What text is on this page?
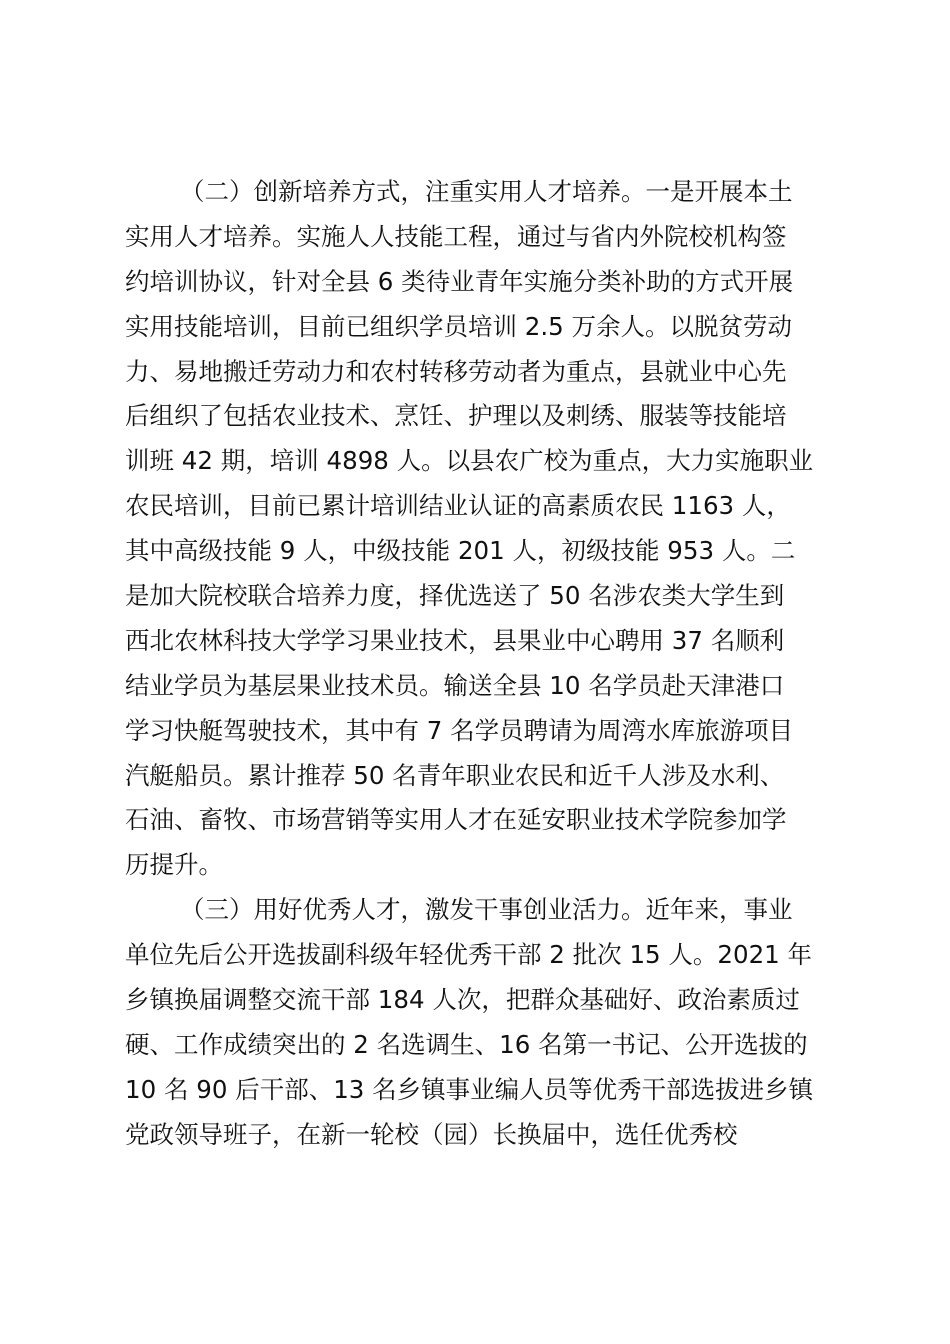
（二）创新培养方式，注重实用人才培养。一是开展本土
实用人才培养。实施人人技能工程，通过与省内外院校机构签
约培训协议，针对全县 6 类待业青年实施分类补助的方式开展
实用技能培训，目前已组织学员培训 2.5 万余人。以脱贫劳动
力、易地搬迁劳动力和农村转移劳动者为重点，县就业中心先
后组织了包括农业技术、烹饪、护理以及刺绣、服装等技能培
训班 42 期，培训 4898 人。以县农广校为重点，大力实施职业
农民培训，目前已累计培训结业认证的高素质农民 1163 人，
其中高级技能 9 人，中级技能 201 人，初级技能 953 人。二
是加大院校联合培养力度，择优选送了 50 名涉农类大学生到
西北农林科技大学学习果业技术，县果业中心聘用 37 名顺利
结业学员为基层果业技术员。输送全县 10 名学员赴天津港口
学习快艇驾驶技术，其中有 7 名学员聘请为周湾水库旅游项目
汽艇船员。累计推荐 50 名青年职业农民和近千人涉及水利、
石油、畜牧、市场营销等实用人才在延安职业技术学院参加学
历提升。
（三）用好优秀人才，激发干事创业活力。近年来，事业
单位先后公开选拔副科级年轻优秀干部 2 批次 15 人。2021 年
乡镇换届调整交流干部 184 人次，把群众基础好、政治素质过
硬、工作成绩突出的 2 名选调生、16 名第一书记、公开选拔的
10 名 90 后干部、13 名乡镇事业编人员等优秀干部选拔进乡镇
党政领导班子，在新一轮校（园）长换届中，选任优秀校
